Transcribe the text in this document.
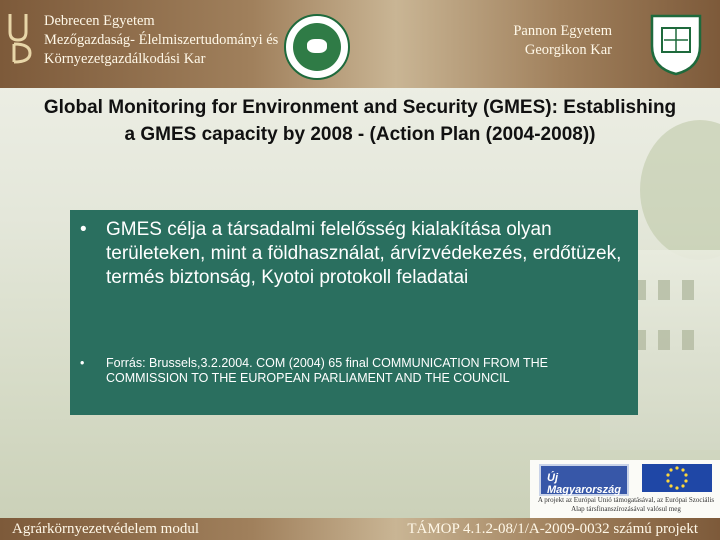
Debrecen Egyetem
Mezőgazdaság- Élelmiszertudományi és
Környezetgazdálkodási Kar
Pannon Egyetem
Georgikon Kar
Global Monitoring for Environment and Security (GMES): Establishing a GMES capacity by 2008 - (Action Plan (2004-2008))
• GMES célja a társadalmi felelősség kialakítása olyan területeken, mint a földhasználat, árvízvédekezés, erdőtüzek, termés biztonság, Kyotoi protokoll feladatai
• Forrás: Brussels,3.2.2004. COM (2004) 65 final COMMUNICATION FROM THE COMMISSION TO THE EUROPEAN PARLIAMENT AND THE COUNCIL
Új Magyarország
A projekt az Európai Unió támogatásával, az Európai Szociális Alap társfinanszírozásával valósul meg
Agrárkörnyezetvédelem modul	TÁMOP 4.1.2-08/1/A-2009-0032 számú projekt
